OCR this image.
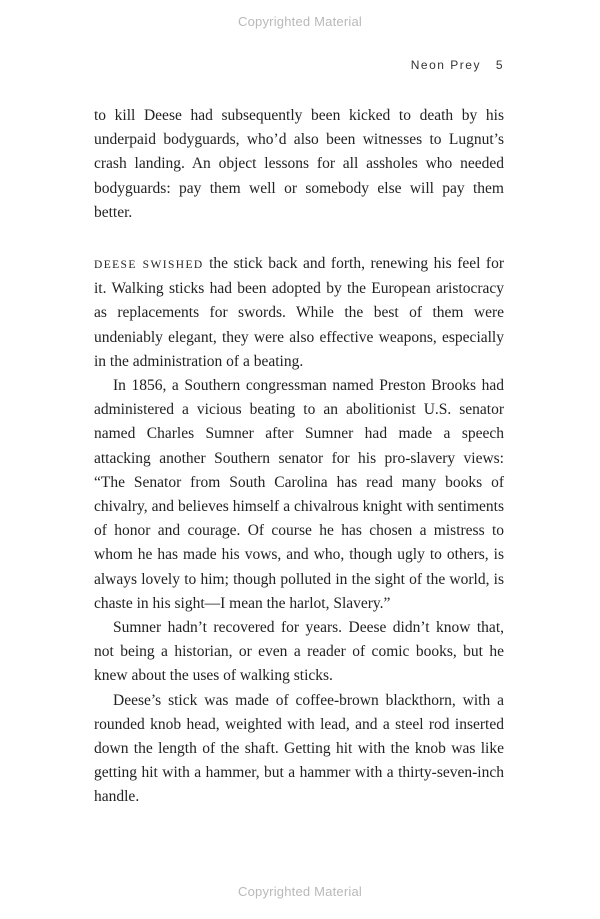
Copyrighted Material
Neon Prey 5

to kill Deese had subsequently been kicked to death by his underpaid bodyguards, who’d also been witnesses to Lugnut’s crash landing. An object lessons for all assholes who needed bodyguards: pay them well or somebody else will pay them better.

DEESE SWISHED the stick back and forth, renewing his feel for it. Walking sticks had been adopted by the European aristocracy as replacements for swords. While the best of them were undeniably elegant, they were also effective weapons, especially in the administration of a beating.

In 1856, a Southern congressman named Preston Brooks had administered a vicious beating to an abolitionist U.S. senator named Charles Sumner after Sumner had made a speech attacking another Southern senator for his pro-slavery views: “The Senator from South Carolina has read many books of chivalry, and believes himself a chivalrous knight with sentiments of honor and courage. Of course he has chosen a mistress to whom he has made his vows, and who, though ugly to others, is always lovely to him; though polluted in the sight of the world, is chaste in his sight—I mean the harlot, Slavery.”

Sumner hadn’t recovered for years. Deese didn’t know that, not being a historian, or even a reader of comic books, but he knew about the uses of walking sticks.

Deese’s stick was made of coffee-brown blackthorn, with a rounded knob head, weighted with lead, and a steel rod inserted down the length of the shaft. Getting hit with the knob was like getting hit with a hammer, but a hammer with a thirty-seven-inch handle.

Copyrighted Material
